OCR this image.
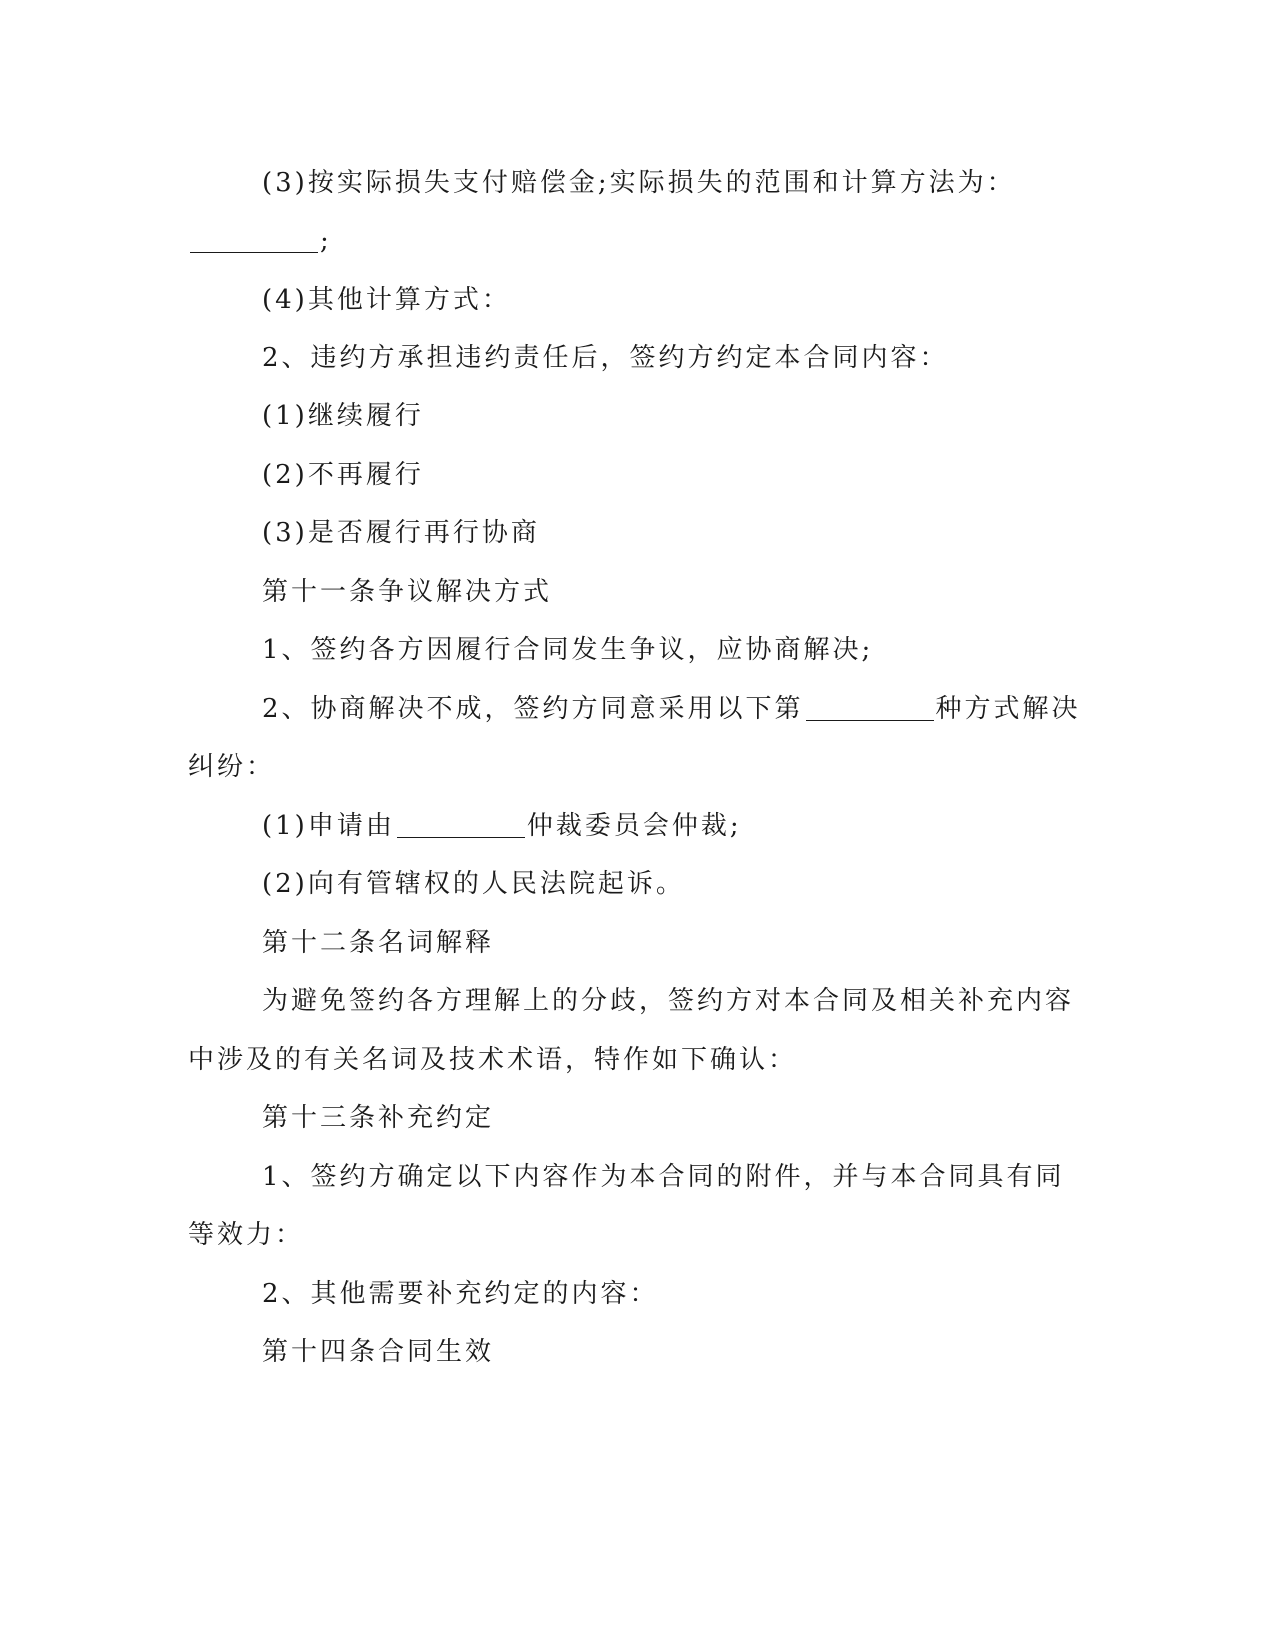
(3)按实际损失支付赔偿金;实际损失的范围和计算方法为：
;
(4)其他计算方式：
2、违约方承担违约责任后，签约方约定本合同内容：
(1)继续履行
(2)不再履行
(3)是否履行再行协商
第十一条争议解决方式
1、签约各方因履行合同发生争议，应协商解决;
2、协商解决不成，签约方同意采用以下第	种方式解决
纠纷：
(1)申请由	仲裁委员会仲裁;
(2)向有管辖权的人民法院起诉。
第十二条名词解释
为避免签约各方理解上的分歧，签约方对本合同及相关补充内容
中涉及的有关名词及技术术语，特作如下确认：
第十三条补充约定
1、签约方确定以下内容作为本合同的附件，并与本合同具有同
等效力：
2、其他需要补充约定的内容：
第十四条合同生效
